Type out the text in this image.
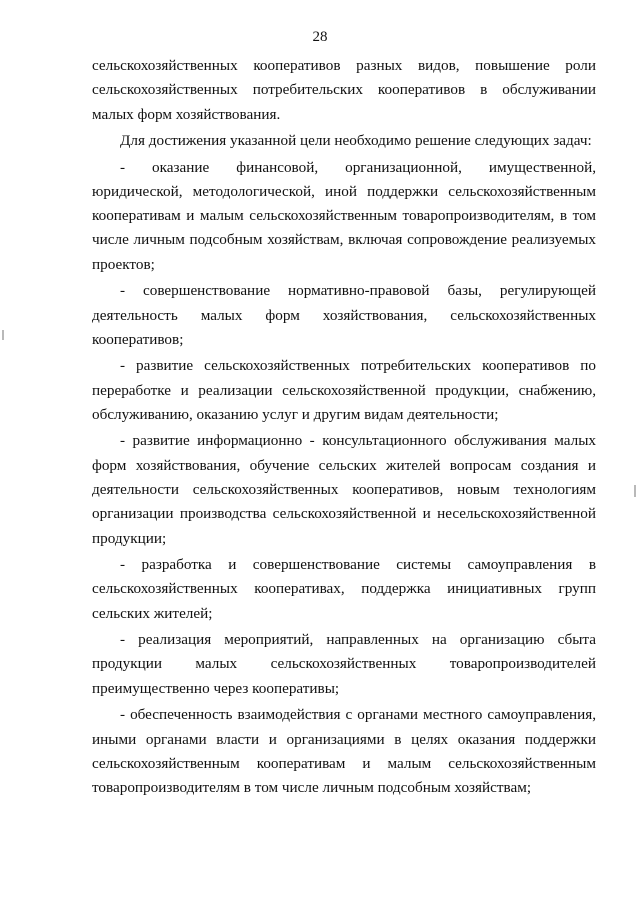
28

сельскохозяйственных кооперативов разных видов, повышение роли сельскохозяйственных потребительских кооперативов в обслуживании малых форм хозяйствования.

Для достижения указанной цели необходимо решение следующих задач:

- оказание финансовой, организационной, имущественной, юридической, методологической, иной поддержки сельскохозяйственным кооперативам и малым сельскохозяйственным товаропроизводителям, в том числе личным подсобным хозяйствам, включая сопровождение реализуемых проектов;

- совершенствование нормативно-правовой базы, регулирующей деятельность малых форм хозяйствования, сельскохозяйственных кооперативов;

- развитие сельскохозяйственных потребительских кооперативов по переработке и реализации сельскохозяйственной продукции, снабжению, обслуживанию, оказанию услуг и другим видам деятельности;

- развитие информационно - консультационного обслуживания малых форм хозяйствования, обучение сельских жителей вопросам создания и деятельности сельскохозяйственных кооперативов, новым технологиям организации производства сельскохозяйственной и несельскохозяйственной продукции;

- разработка и совершенствование системы самоуправления в сельскохозяйственных кооперативах, поддержка инициативных групп сельских жителей;

- реализация мероприятий, направленных на организацию сбыта продукции малых сельскохозяйственных товаропроизводителей преимущественно через кооперативы;

- обеспеченность взаимодействия с органами местного самоуправления, иными органами власти и организациями в целях оказания поддержки сельскохозяйственным кооперативам и малым сельскохозяйственным товаропроизводителям в том числе личным подсобным хозяйствам;
